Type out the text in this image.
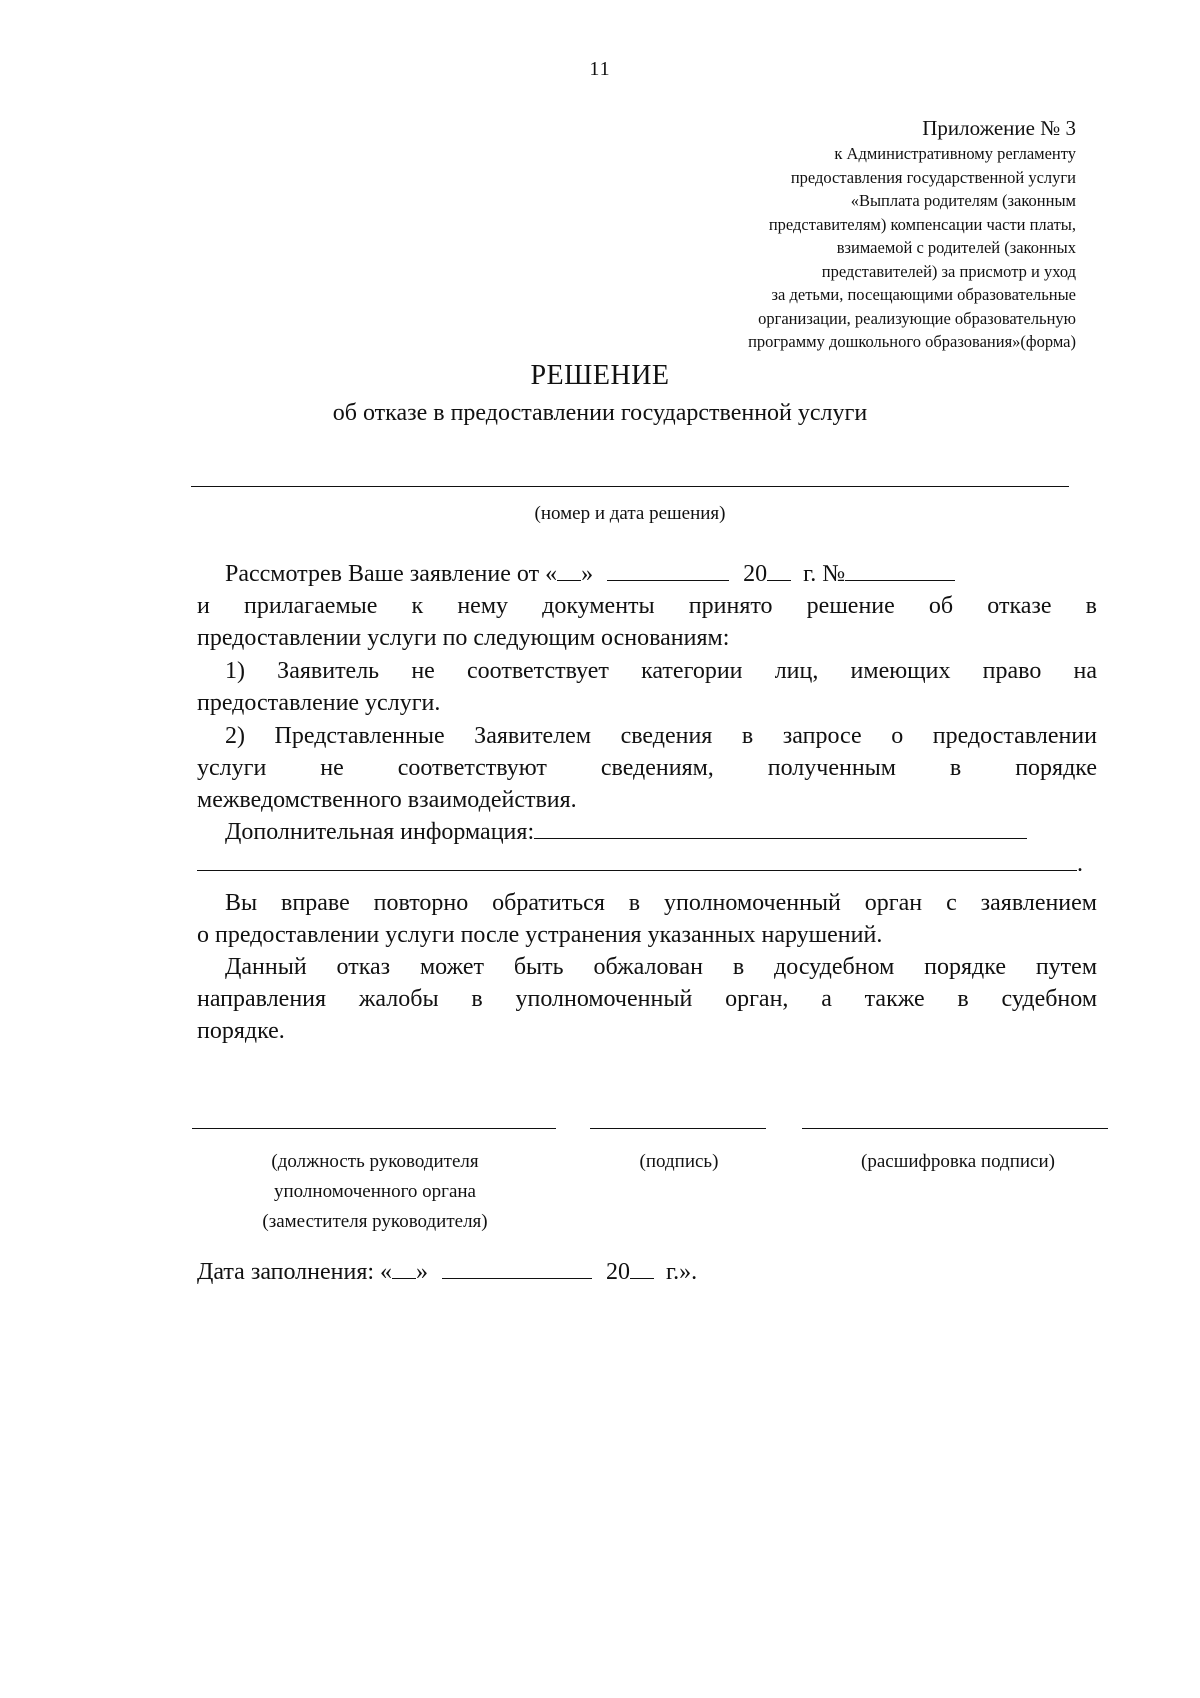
11
Приложение № 3
к Административному регламенту
предоставления государственной услуги
«Выплата родителям (законным
представителям) компенсации части платы,
взимаемой с родителей (законных
представителей) за присмотр и уход
за детьми, посещающими образовательные
организации, реализующие образовательную
программу дошкольного образования»(форма)
РЕШЕНИЕ
об отказе в предоставлении государственной услуги
(номер и дата решения)
Рассмотрев Ваше заявление от « »	20 г. №
и прилагаемые к нему документы принято решение об отказе в
предоставлении услуги по следующим основаниям:
1) Заявитель не соответствует категории лиц, имеющих право на
предоставление услуги.
2) Представленные Заявителем сведения в запросе о предоставлении
услуги не соответствуют сведениям, полученным в порядке
межведомственного взаимодействия.
Дополнительная информация:
.
Вы вправе повторно обратиться в уполномоченный орган с заявлением
о предоставлении услуги после устранения указанных нарушений.
Данный отказ может быть обжалован в досудебном порядке путем
направления жалобы в уполномоченный орган, а также в судебном
порядке.
(должность руководителя
уполномоченного органа
(заместителя руководителя)
(подпись)	(расшифровка подписи)
Дата заполнения: « »	20 г.».
